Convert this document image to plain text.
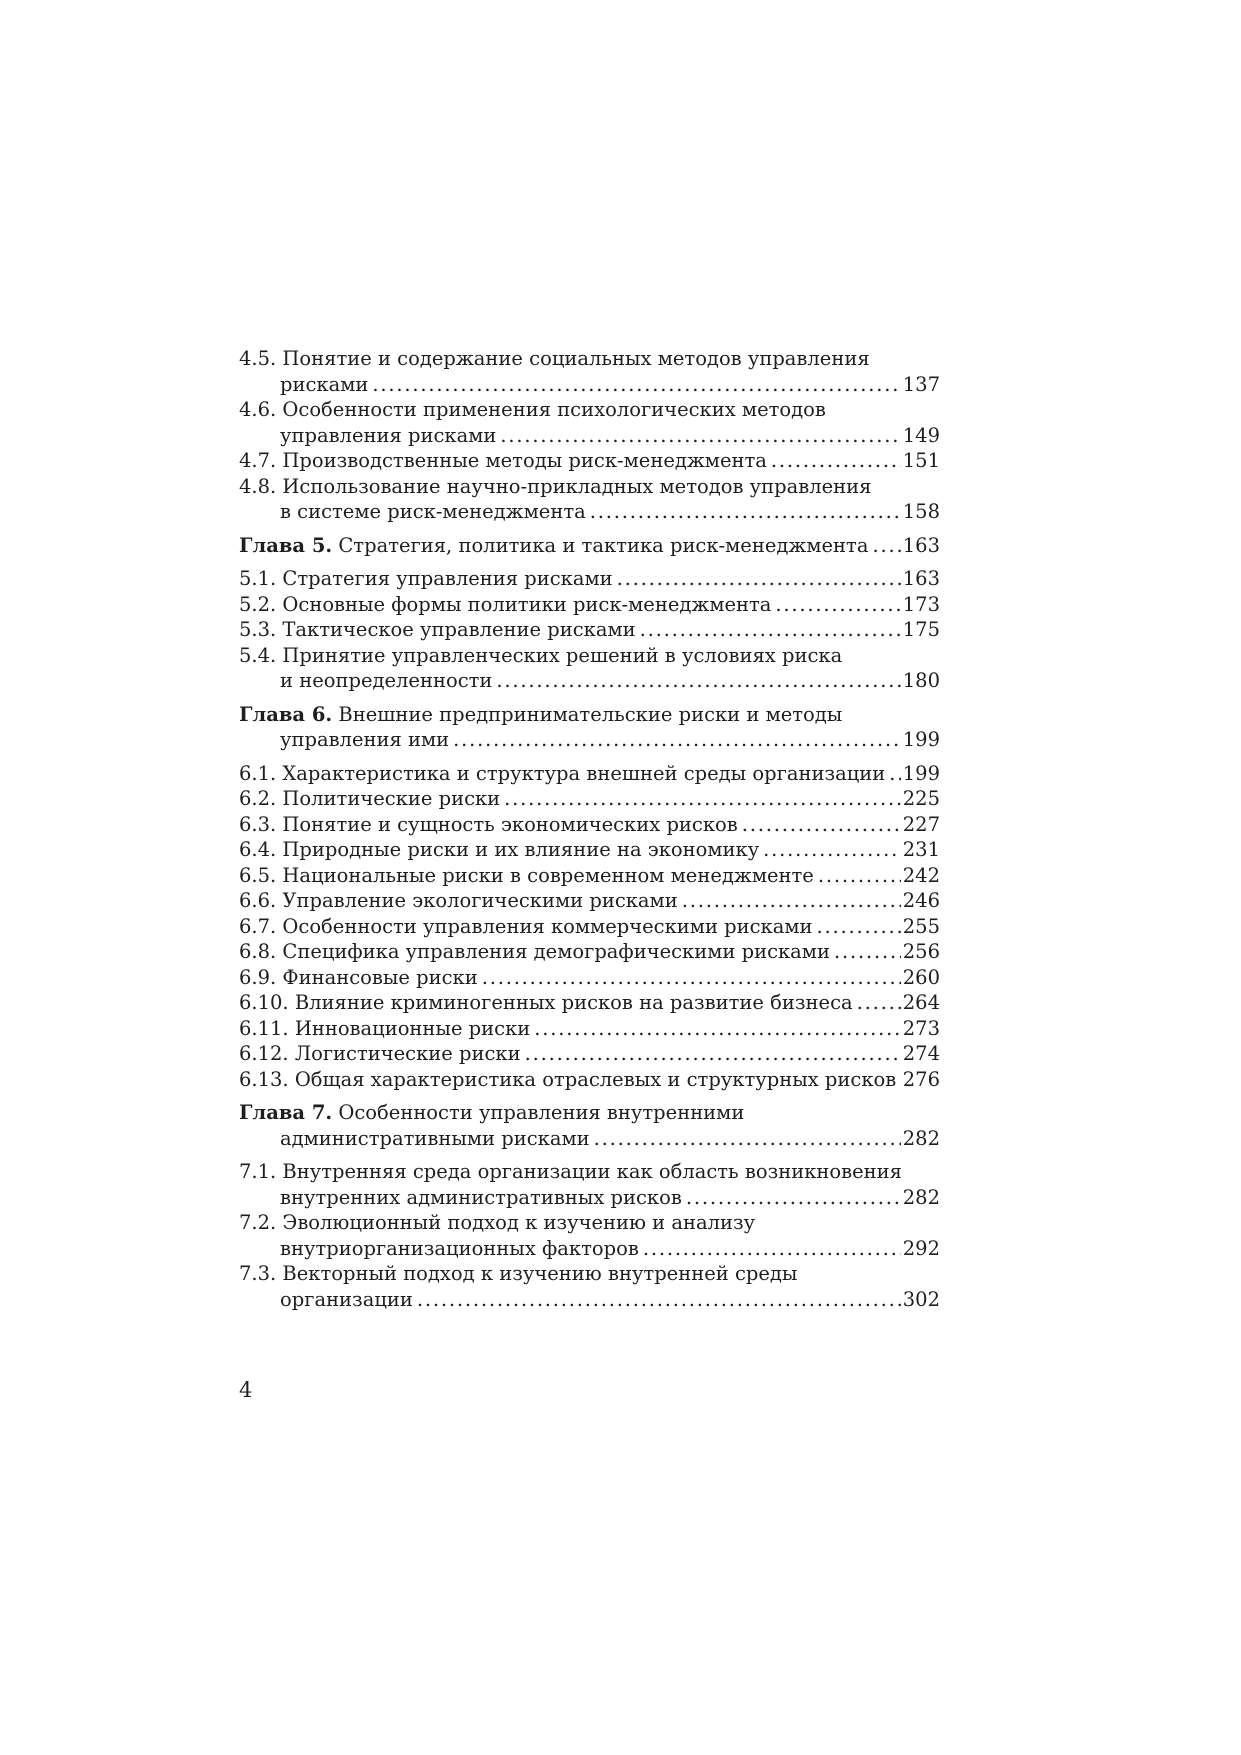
4.5. Понятие и содержание социальных методов управления
рисками . . .	137
4.6. Особенности применения психологических методов
управления рисками . . .	149
4.7. Производственные методы риск-менеджмента . . .	151
4.8. Использование научно-прикладных методов управления
в системе риск-менеджмента . . .	158
Глава 5. Стратегия, политика и тактика риск-менеджмента . . .	163
5.1. Стратегия управления рисками . . .	163
5.2. Основные формы политики риск-менеджмента . . .	173
5.3. Тактическое управление рисками . . .	175
5.4. Принятие управленческих решений в условиях риска
и неопределенности . . .	180
Глава 6. Внешние предпринимательские риски и методы
управления ими . . .	199
6.1. Характеристика и структура внешней среды организации . . . 199
6.2. Политические риски . . .	225
6.3. Понятие и сущность экономических рисков . . .	227
6.4. Природные риски и их влияние на экономику . . .	231
6.5. Национальные риски в современном менеджменте . . .	242
6.6. Управление экологическими рисками . . .	246
6.7. Особенности управления коммерческими рисками . . .	255
6.8. Специфика управления демографическими рисками . . .	256
6.9. Финансовые риски . . .	260
6.10. Влияние криминогенных рисков на развитие бизнеса . . .	264
6.11. Инновационные риски . . .	273
6.12. Логистические риски . . .	274
6.13. Общая характеристика отраслевых и структурных рисков . . . 276
Глава 7. Особенности управления внутренними
административными рисками . . .	282
7.1. Внутренняя среда организации как область возникновения
внутренних административных рисков . . .	282
7.2. Эволюционный подход к изучению и анализу
внутриорганизационных факторов . . .	292
7.3. Векторный подход к изучению внутренней среды
организации . . .	302
4
